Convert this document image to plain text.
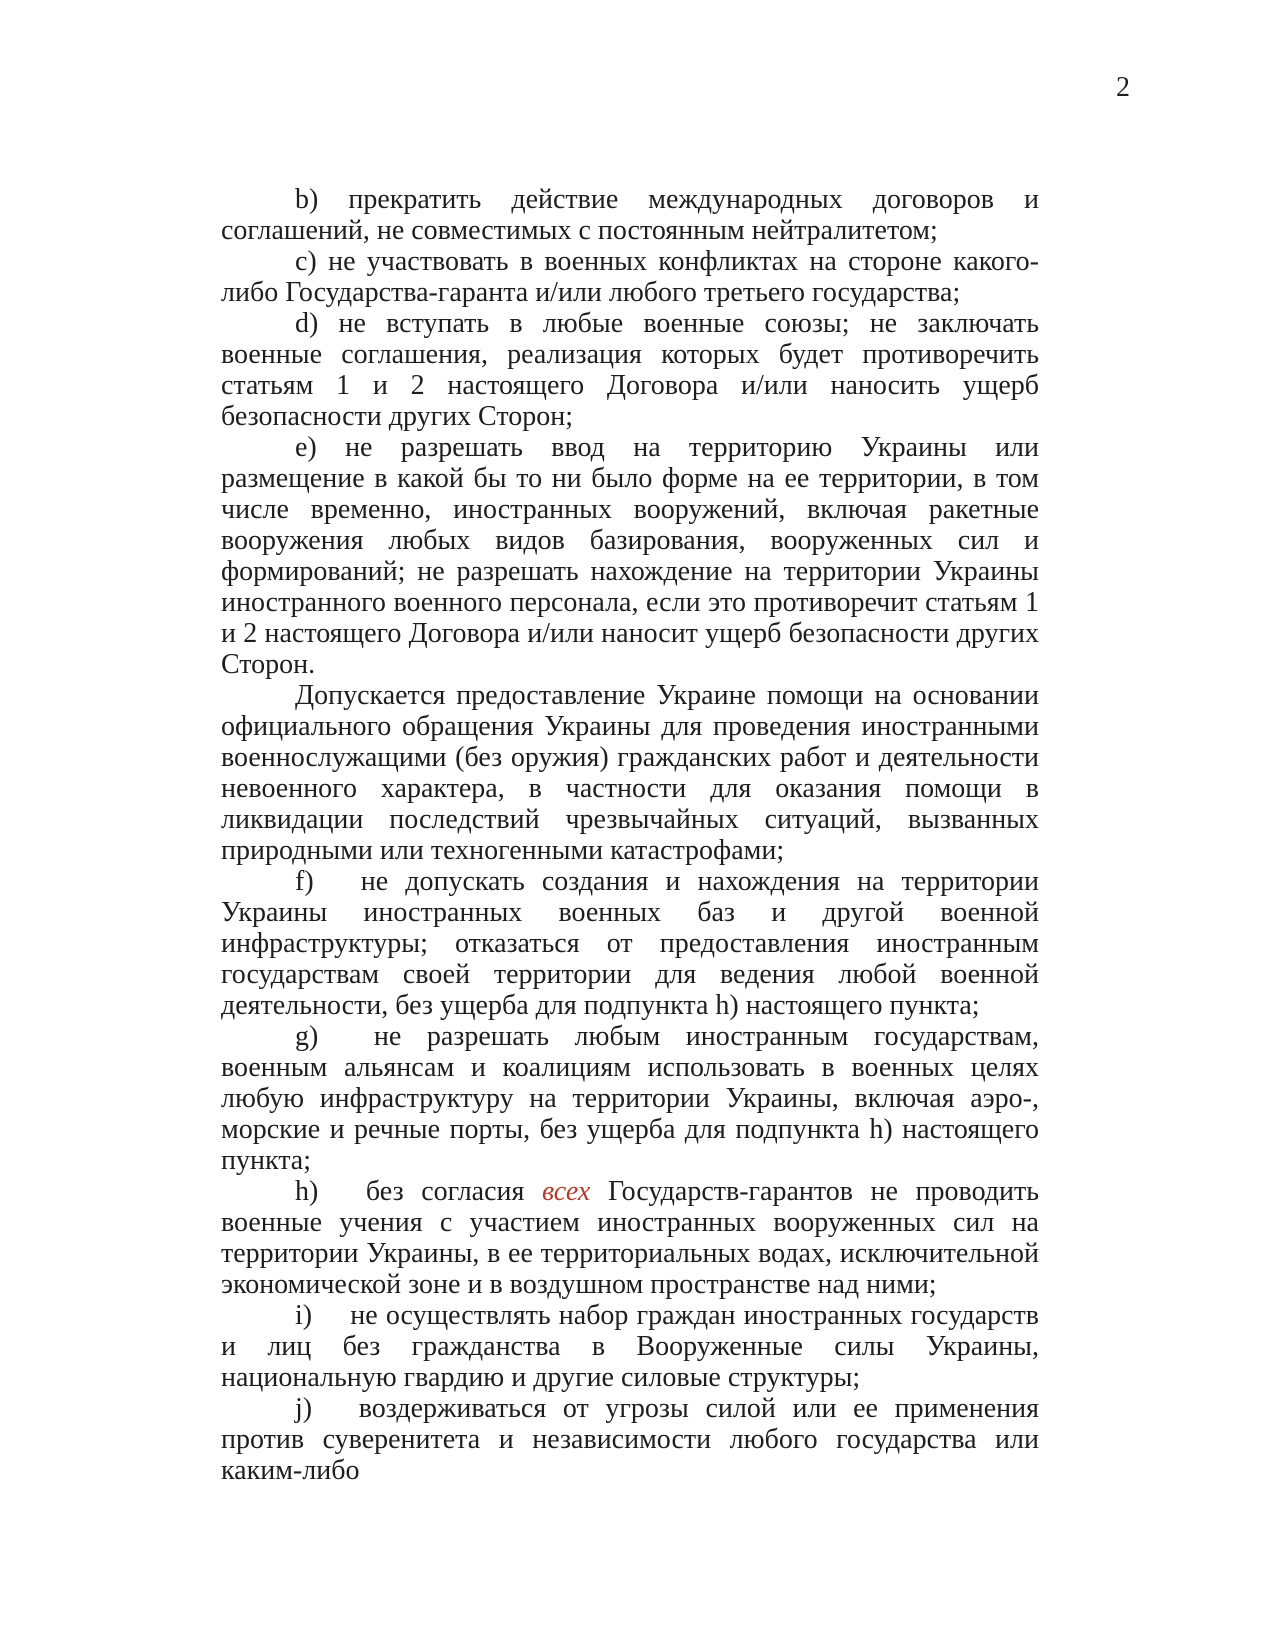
2

b) прекратить действие международных договоров и соглашений, не совместимых с постоянным нейтралитетом;

c) не участвовать в военных конфликтах на стороне какого-либо Государства-гаранта и/или любого третьего государства;

d) не вступать в любые военные союзы; не заключать военные соглашения, реализация которых будет противоречить статьям 1 и 2 настоящего Договора и/или наносить ущерб безопасности других Сторон;

e) не разрешать ввод на территорию Украины или размещение в какой бы то ни было форме на ее территории, в том числе временно, иностранных вооружений, включая ракетные вооружения любых видов базирования, вооруженных сил и формирований; не разрешать нахождение на территории Украины иностранного военного персонала, если это противоречит статьям 1 и 2 настоящего Договора и/или наносит ущерб безопасности других Сторон.

Допускается предоставление Украине помощи на основании официального обращения Украины для проведения иностранными военнослужащими (без оружия) гражданских работ и деятельности невоенного характера, в частности для оказания помощи в ликвидации последствий чрезвычайных ситуаций, вызванных природными или техногенными катастрофами;

f) не допускать создания и нахождения на территории Украины иностранных военных баз и другой военной инфраструктуры; отказаться от предоставления иностранным государствам своей территории для ведения любой военной деятельности, без ущерба для подпункта h) настоящего пункта;

g) не разрешать любым иностранным государствам, военным альянсам и коалициям использовать в военных целях любую инфраструктуру на территории Украины, включая аэро-, морские и речные порты, без ущерба для подпункта h) настоящего пункта;

h) без согласия всех Государств-гарантов не проводить военные учения с участием иностранных вооруженных сил на территории Украины, в ее территориальных водах, исключительной экономической зоне и в воздушном пространстве над ними;

i) не осуществлять набор граждан иностранных государств и лиц без гражданства в Вооруженные силы Украины, национальную гвардию и другие силовые структуры;

j) воздерживаться от угрозы силой или ее применения против суверенитета и независимости любого государства или каким-либо
